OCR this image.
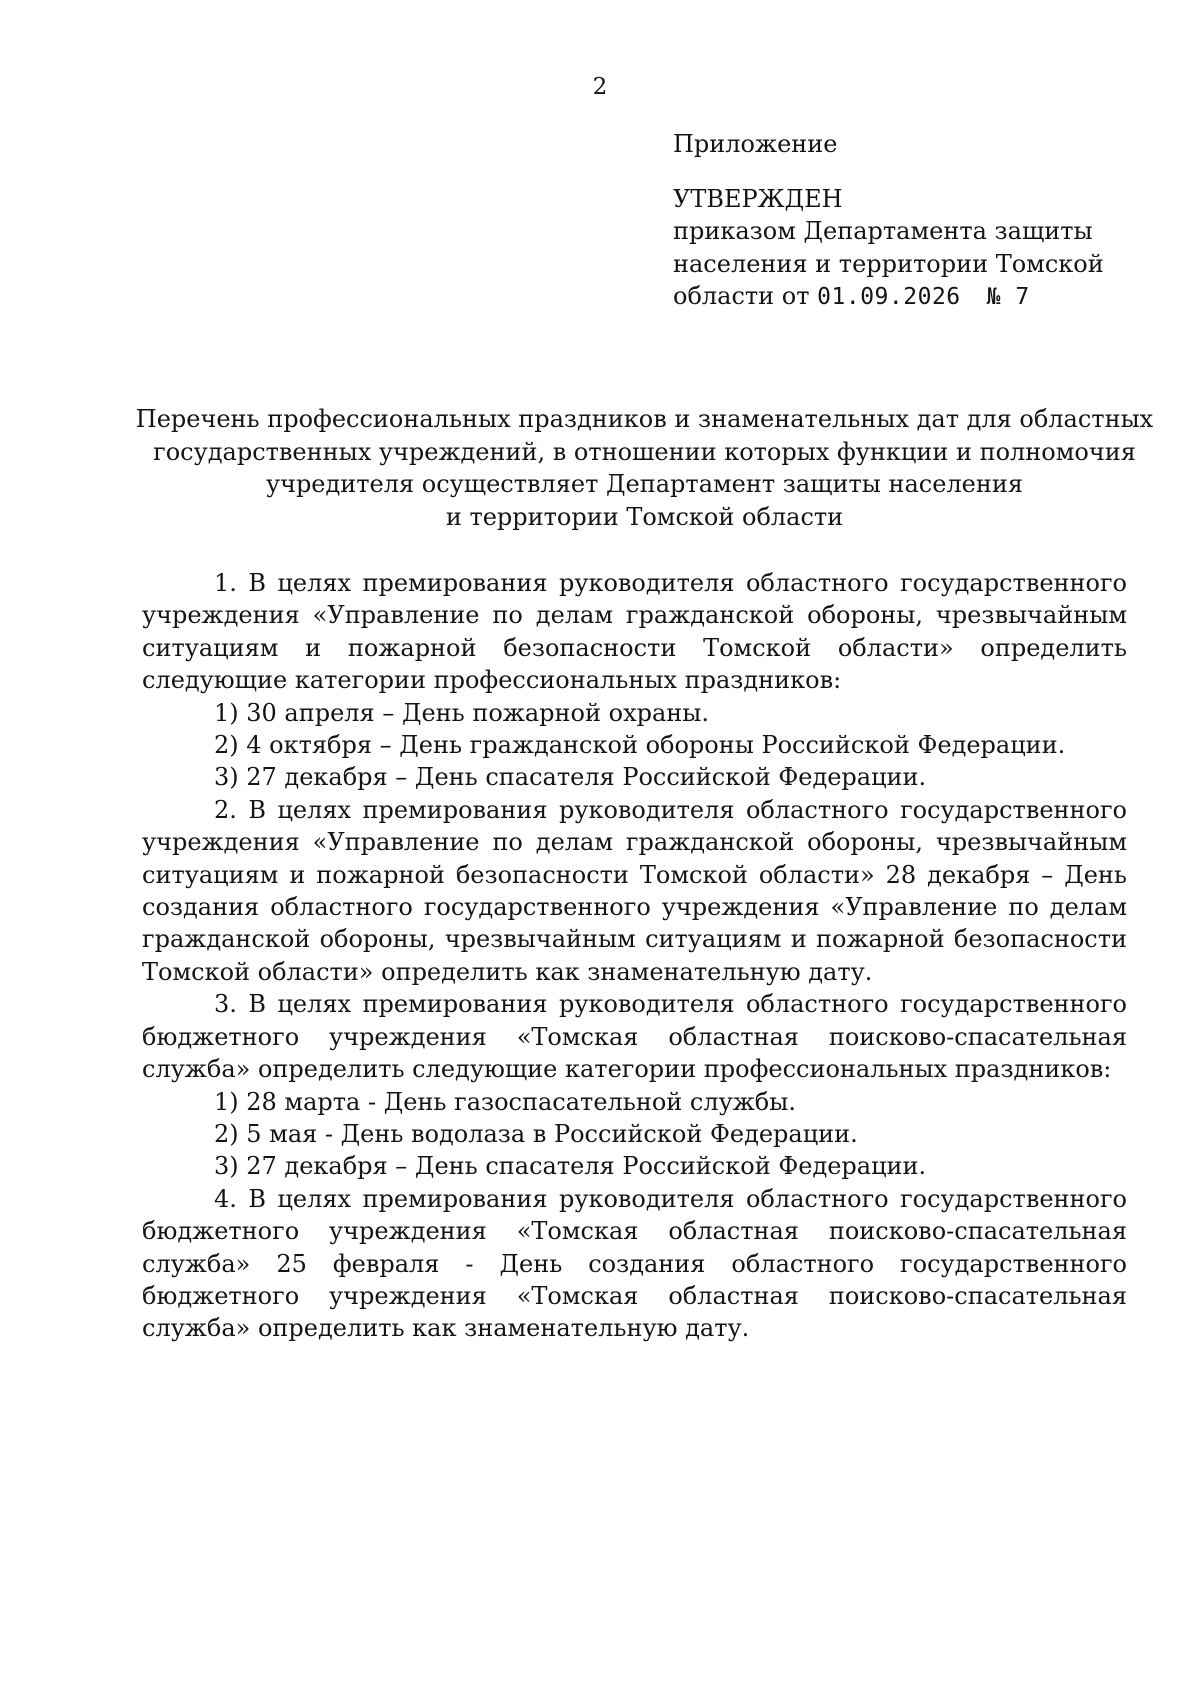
2
Приложение
УТВЕРЖДЕН
приказом Департамента защиты
населения и территории Томской
области от 01.09.2026 № 7
Перечень профессиональных праздников и знаменательных дат для областных
государственных учреждений, в отношении которых функции и полномочия
учредителя осуществляет Департамент защиты населения
и территории Томской области

1. В целях премирования руководителя областного государственного учреждения «Управление по делам гражданской обороны, чрезвычайным ситуациям и пожарной безопасности Томской области» определить следующие категории профессиональных праздников:

1) 30 апреля – День пожарной охраны.

2) 4 октября – День гражданской обороны Российской Федерации.

3) 27 декабря – День спасателя Российской Федерации.

2. В целях премирования руководителя областного государственного учреждения «Управление по делам гражданской обороны, чрезвычайным ситуациям и пожарной безопасности Томской области» 28 декабря – День создания областного государственного учреждения «Управление по делам гражданской обороны, чрезвычайным ситуациям и пожарной безопасности Томской области» определить как знаменательную дату.

3. В целях премирования руководителя областного государственного бюджетного учреждения «Томская областная поисково-спасательная служба» определить следующие категории профессиональных праздников:

1) 28 марта - День газоспасательной службы.

2) 5 мая - День водолаза в Российской Федерации.

3) 27 декабря – День спасателя Российской Федерации.

4. В целях премирования руководителя областного государственного бюджетного учреждения «Томская областная поисково-спасательная служба» 25 февраля - День создания областного государственного бюджетного учреждения «Томская областная поисково-спасательная служба» определить как знаменательную дату.
